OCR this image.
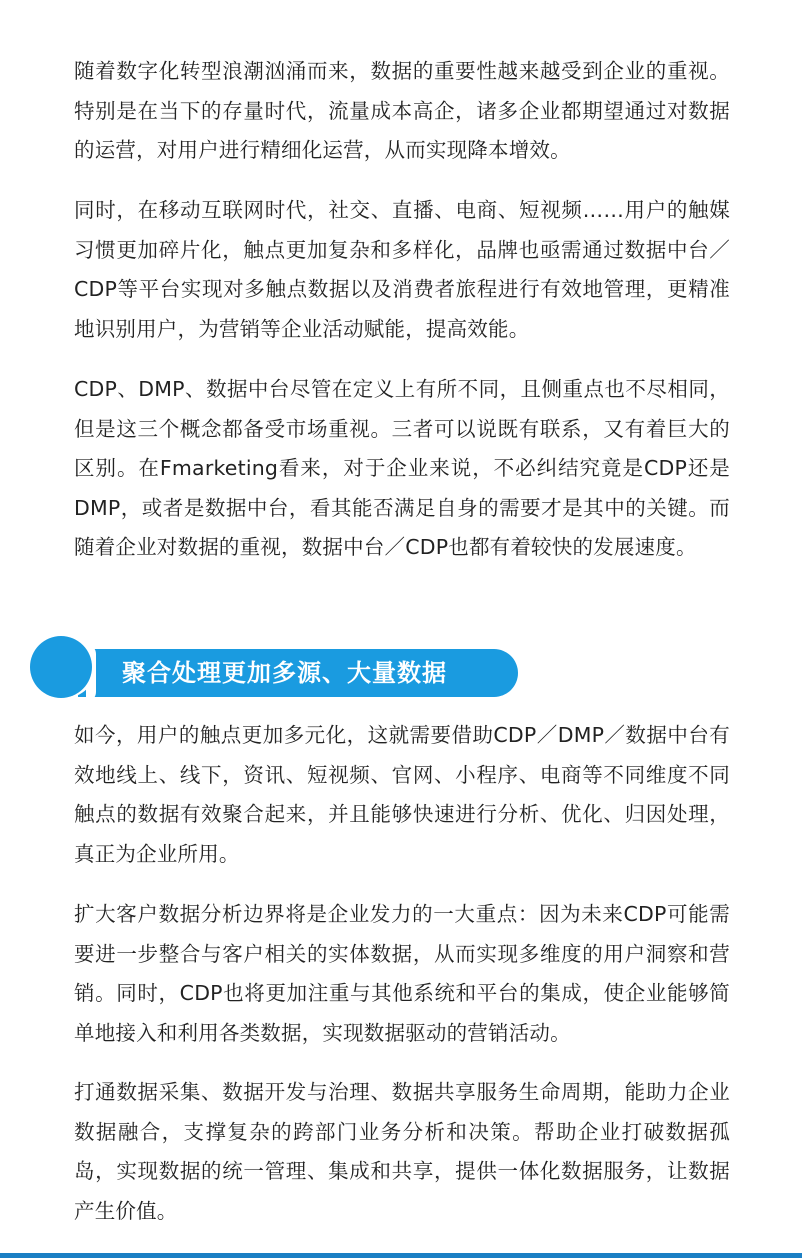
随着数字化转型浪潮汹涌而来，数据的重要性越来越受到企业的重视。特别是在当下的存量时代，流量成本高企，诸多企业都期望通过对数据的运营，对用户进行精细化运营，从而实现降本增效。

同时，在移动互联网时代，社交、直播、电商、短视频……用户的触媒习惯更加碎片化，触点更加复杂和多样化，品牌也亟需通过数据中台／CDP等平台实现对多触点数据以及消费者旅程进行有效地管理，更精准地识别用户，为营销等企业活动赋能，提高效能。

CDP、DMP、数据中台尽管在定义上有所不同，且侧重点也不尽相同，但是这三个概念都备受市场重视。三者可以说既有联系，又有着巨大的区别。在Fmarketing看来，对于企业来说，不必纠结究竟是CDP还是DMP，或者是数据中台，看其能否满足自身的需要才是其中的关键。而随着企业对数据的重视，数据中台／CDP也都有着较快的发展速度。

聚合处理更加多源、大量数据

如今，用户的触点更加多元化，这就需要借助CDP／DMP／数据中台有效地线上、线下，资讯、短视频、官网、小程序、电商等不同维度不同触点的数据有效聚合起来，并且能够快速进行分析、优化、归因处理，真正为企业所用。

扩大客户数据分析边界将是企业发力的一大重点：因为未来CDP可能需要进一步整合与客户相关的实体数据，从而实现多维度的用户洞察和营销。同时，CDP也将更加注重与其他系统和平台的集成，使企业能够简单地接入和利用各类数据，实现数据驱动的营销活动。

打通数据采集、数据开发与治理、数据共享服务生命周期，能助力企业数据融合，支撑复杂的跨部门业务分析和决策。帮助企业打破数据孤岛，实现数据的统一管理、集成和共享，提供一体化数据服务，让数据产生价值。
